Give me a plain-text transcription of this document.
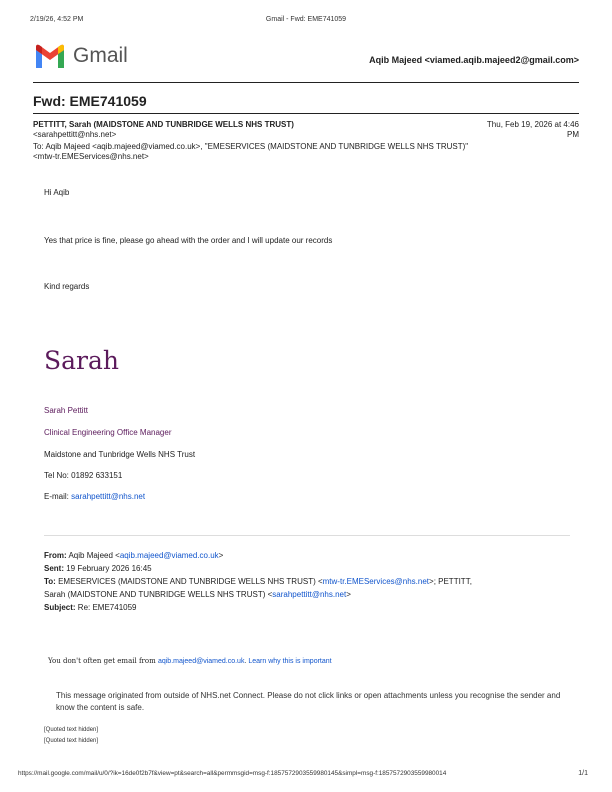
2/19/26, 4:52 PM	Gmail - Fwd: EME741059
Gmail	Aqib Majeed <viamed.aqib.majeed2@gmail.com>
Fwd: EME741059
PETTITT, Sarah (MAIDSTONE AND TUNBRIDGE WELLS NHS TRUST)
<sarahpettitt@nhs.net>
Thu, Feb 19, 2026 at 4:46
PM
To: Aqib Majeed <aqib.majeed@viamed.co.uk>, "EMESERVICES (MAIDSTONE AND TUNBRIDGE WELLS NHS TRUST)"
<mtw-tr.EMEServices@nhs.net>
Hi Aqib
Yes that price is fine, please go ahead with the order and I will update our records
Kind regards
Sarah
Sarah Pettitt
Clinical Engineering Office Manager
Maidstone and Tunbridge Wells NHS Trust
Tel No: 01892 633151
E-mail: sarahpettitt@nhs.net
From: Aqib Majeed <aqib.majeed@viamed.co.uk>
Sent: 19 February 2026 16:45
To: EMESERVICES (MAIDSTONE AND TUNBRIDGE WELLS NHS TRUST) <mtw-tr.EMEServices@nhs.net>; PETTITT,
Sarah (MAIDSTONE AND TUNBRIDGE WELLS NHS TRUST) <sarahpettitt@nhs.net>
Subject: Re: EME741059
You don't often get email from aqib.majeed@viamed.co.uk. Learn why this is important
This message originated from outside of NHS.net Connect. Please do not click links or open attachments unless you recognise the sender and know the content is safe.
[Quoted text hidden]
[Quoted text hidden]
https://mail.google.com/mail/u/0/?ik=16de0f2b7f&view=pt&search=all&permmsgid=msg-f:1857572903559980145&simpl=msg-f:1857572903559980014	1/1
